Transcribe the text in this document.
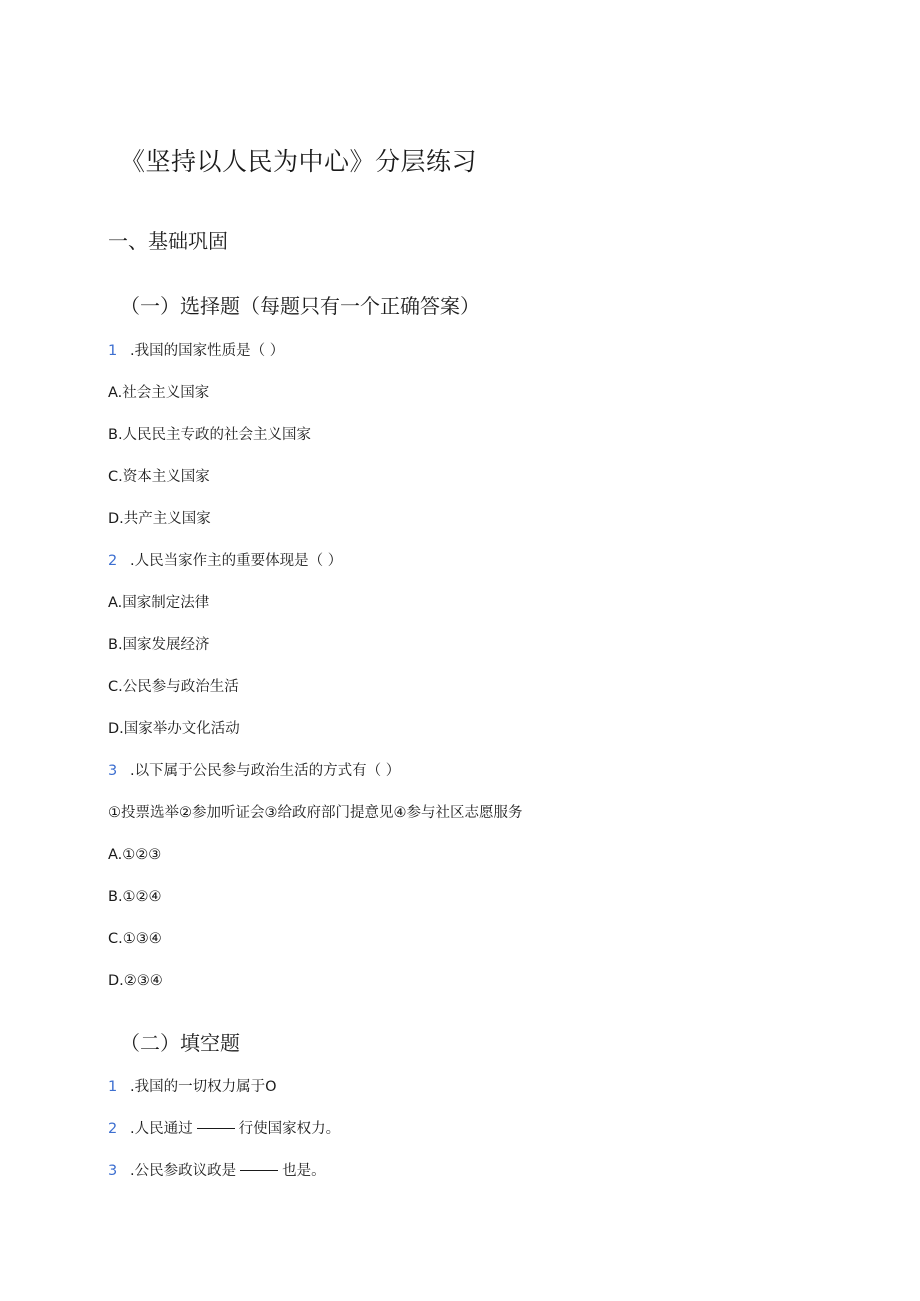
《坚持以人民为中心》分层练习
一、基础巩固
（一）选择题（每题只有一个正确答案）
1 .我国的国家性质是（ ）
A.社会主义国家
B.人民民主专政的社会主义国家
C.资本主义国家
D.共产主义国家
2 .人民当家作主的重要体现是（ ）
A.国家制定法律
B.国家发展经济
C.公民参与政治生活
D.国家举办文化活动
3 .以下属于公民参与政治生活的方式有（ ）
①投票选举②参加听证会③给政府部门提意见④参与社区志愿服务
A.①②③
B.①②④
C.①③④
D.②③④
（二）填空题
1 .我国的一切权力属于O
2 .人民通过	行使国家权力。
3 .公民参政议政是	也是。
